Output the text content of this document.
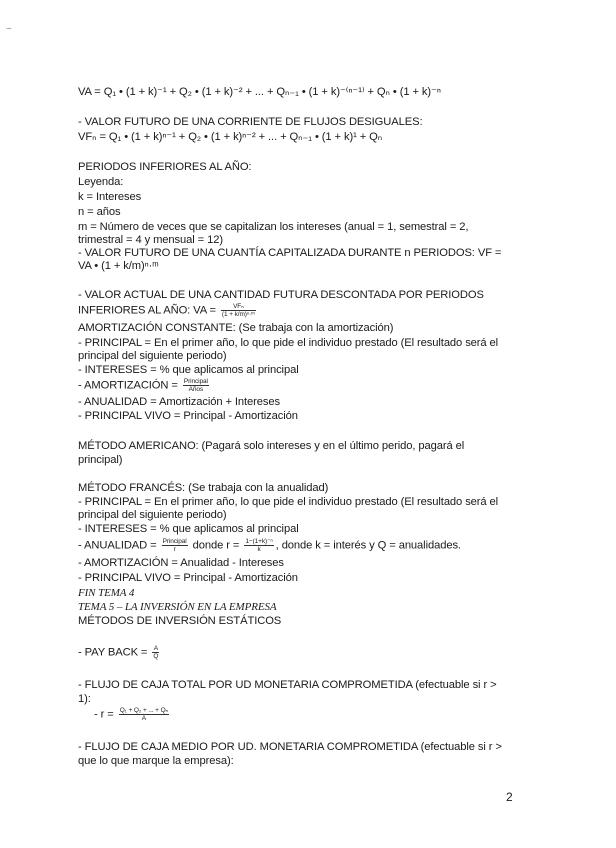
~
VA = Q₁ • (1 + k)⁻¹ + Q₂ • (1 + k)⁻² + ... + Qₙ₋₁ • (1 + k)⁻⁽ⁿ⁻¹⁾ + Qₙ • (1 + k)⁻ⁿ
- VALOR FUTURO DE UNA CORRIENTE DE FLUJOS DESIGUALES:
VFₙ = Q₁ • (1 + k)ⁿ⁻¹ + Q₂ • (1 + k)ⁿ⁻² + ... + Qₙ₋₁ • (1 + k)¹ + Qₙ
PERIODOS INFERIORES AL AÑO:
Leyenda:
k = Intereses
n = años
m = Número de veces que se capitalizan los intereses (anual = 1, semestral = 2,
trimestral = 4 y mensual = 12)
- VALOR FUTURO DE UNA CUANTÍA CAPITALIZADA DURANTE n PERIODOS: VF =
VA • (1 + k/m)ⁿ·ᵐ
- VALOR ACTUAL DE UNA CANTIDAD FUTURA DESCONTADA POR PERIODOS
INFERIORES AL AÑO: VA = $\frac{\text{VFₙ}}{\text{(1 + k/m)ⁿ·ᵐ}}$
AMORTIZACIÓN CONSTANTE: (Se trabaja con la amortización)
- PRINCIPAL = En el primer año, lo que pide el individuo prestado (El resultado será el
principal del siguiente periodo)
- INTERESES = % que aplicamos al principal
- AMORTIZACIÓN = $\frac{\text{Principal}}{\text{Años}}$
- ANUALIDAD = Amortización + Intereses
- PRINCIPAL VIVO = Principal - Amortización
MÉTODO AMERICANO: (Pagará solo intereses y en el último perido, pagará el
principal)
MÉTODO FRANCÉS: (Se trabaja con la anualidad)
- PRINCIPAL = En el primer año, lo que pide el individuo prestado (El resultado será el
principal del siguiente periodo)
- INTERESES = % que aplicamos al principal
- ANUALIDAD = $\frac{\text{Principal}}{r}$ donde $r = \frac{\text{1−(1+k)⁻ⁿ}}{k}$ , donde k = interés y Q = anualidades.
- AMORTIZACIÓN = Anualidad - Intereses
- PRINCIPAL VIVO = Principal - Amortización
FIN TEMA 4
TEMA 5 – LA INVERSIÓN EN LA EMPRESA
MÉTODOS DE INVERSIÓN ESTÁTICOS
- PAY BACK = $\frac{A}{Q}$
- FLUJO DE CAJA TOTAL POR UD MONETARIA COMPROMETIDA (efectuable si r >
1):
- $r = \frac{\text{Q₁ + Q₂ + ... + Qₙ}}{A}$
- FLUJO DE CAJA MEDIO POR UD. MONETARIA COMPROMETIDA (efectuable si r >
que lo que marque la empresa):
2
